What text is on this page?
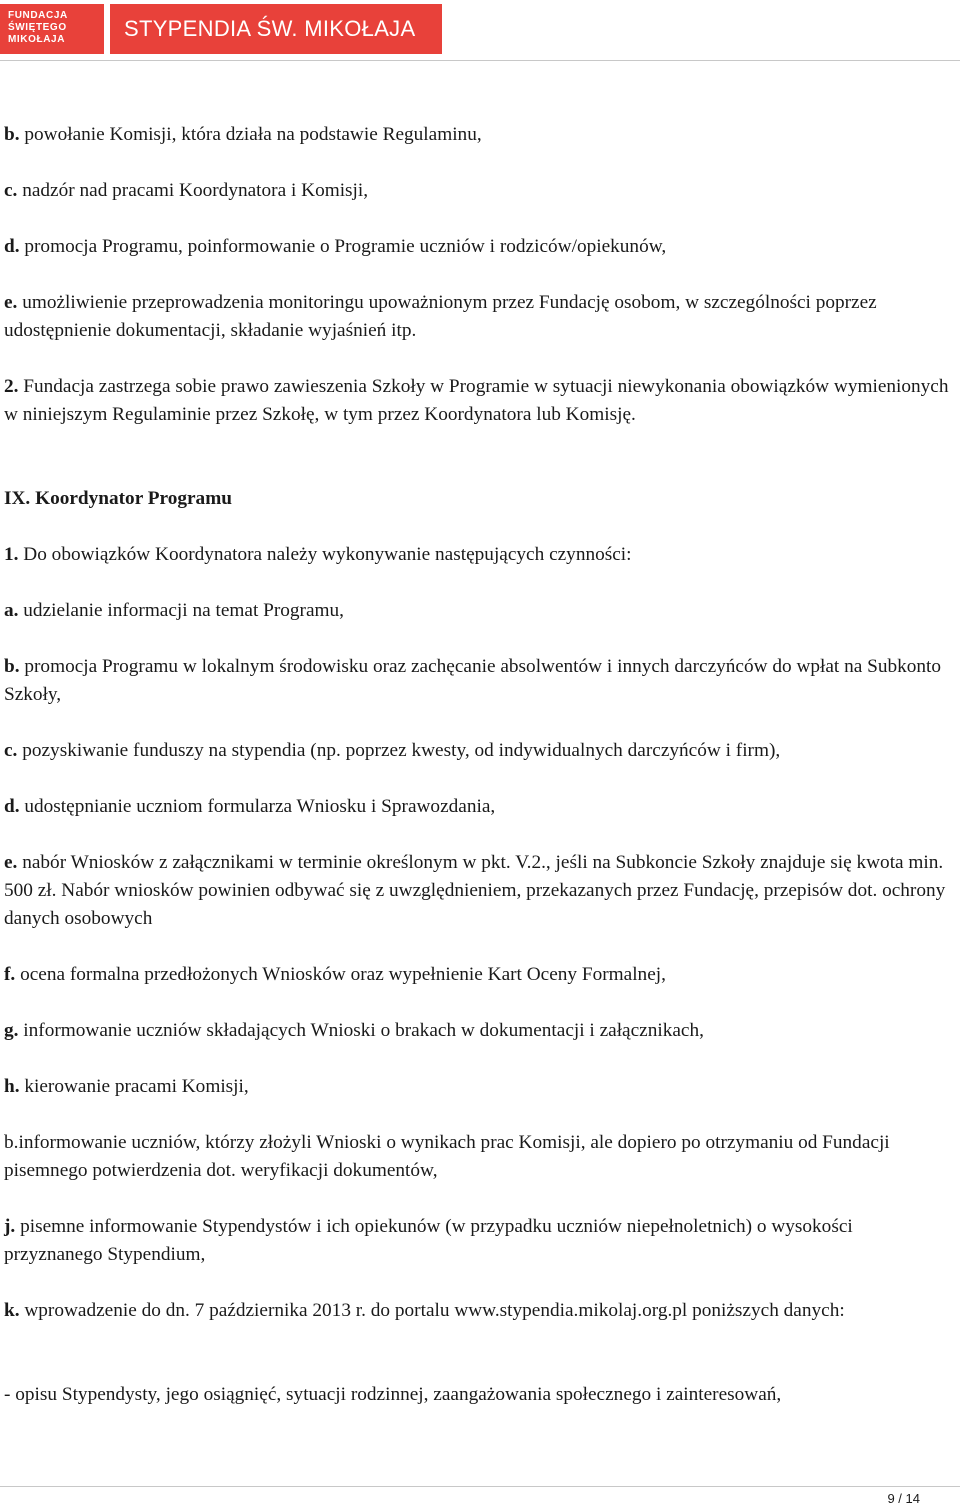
FUNDACJA
ŚWIĘTEGO
MIKOŁAJA	STYPENDIA ŚW. MIKOŁAJA

b. powołanie Komisji, która działa na podstawie Regulaminu,

c. nadzór nad pracami Koordynatora i Komisji,

d. promocja Programu, poinformowanie o Programie uczniów i rodziców/opiekunów,

e. umożliwienie przeprowadzenia monitoringu upoważnionym przez Fundację osobom, w szczególności poprzez udostępnienie dokumentacji, składanie wyjaśnień itp.

2. Fundacja zastrzega sobie prawo zawieszenia Szkoły w Programie w sytuacji niewykonania obowiązków wymienionych w niniejszym Regulaminie przez Szkołę, w tym przez Koordynatora lub Komisję.

IX. Koordynator Programu

1. Do obowiązków Koordynatora należy wykonywanie następujących czynności:

a. udzielanie informacji na temat Programu,

b. promocja Programu w lokalnym środowisku oraz zachęcanie absolwentów i innych darczyńców do wpłat na Subkonto Szkoły,

c. pozyskiwanie funduszy na stypendia (np. poprzez kwesty, od indywidualnych darczyńców i firm),

d. udostępnianie uczniom formularza Wniosku i Sprawozdania,

e. nabór Wniosków z załącznikami w terminie określonym w pkt. V.2., jeśli na Subkoncie Szkoły znajduje się kwota min. 500 zł. Nabór wniosków powinien odbywać się z uwzględnieniem, przekazanych przez Fundację, przepisów dot. ochrony danych osobowych

f. ocena formalna przedłożonych Wniosków oraz wypełnienie Kart Oceny Formalnej,

g. informowanie uczniów składających Wnioski o brakach w dokumentacji i załącznikach,

h. kierowanie pracami Komisji,

b.informowanie uczniów, którzy złożyli Wnioski o wynikach prac Komisji, ale dopiero po otrzymaniu od Fundacji pisemnego potwierdzenia dot. weryfikacji dokumentów,

j. pisemne informowanie Stypendystów i ich opiekunów (w przypadku uczniów niepełnoletnich) o wysokości przyznanego Stypendium,

k. wprowadzenie do dn. 7 października 2013 r. do portalu www.stypendia.mikolaj.org.pl poniższych danych:

- opisu Stypendysty, jego osiągnięć, sytuacji rodzinnej, zaangażowania społecznego i zainteresowań,

9 / 14
